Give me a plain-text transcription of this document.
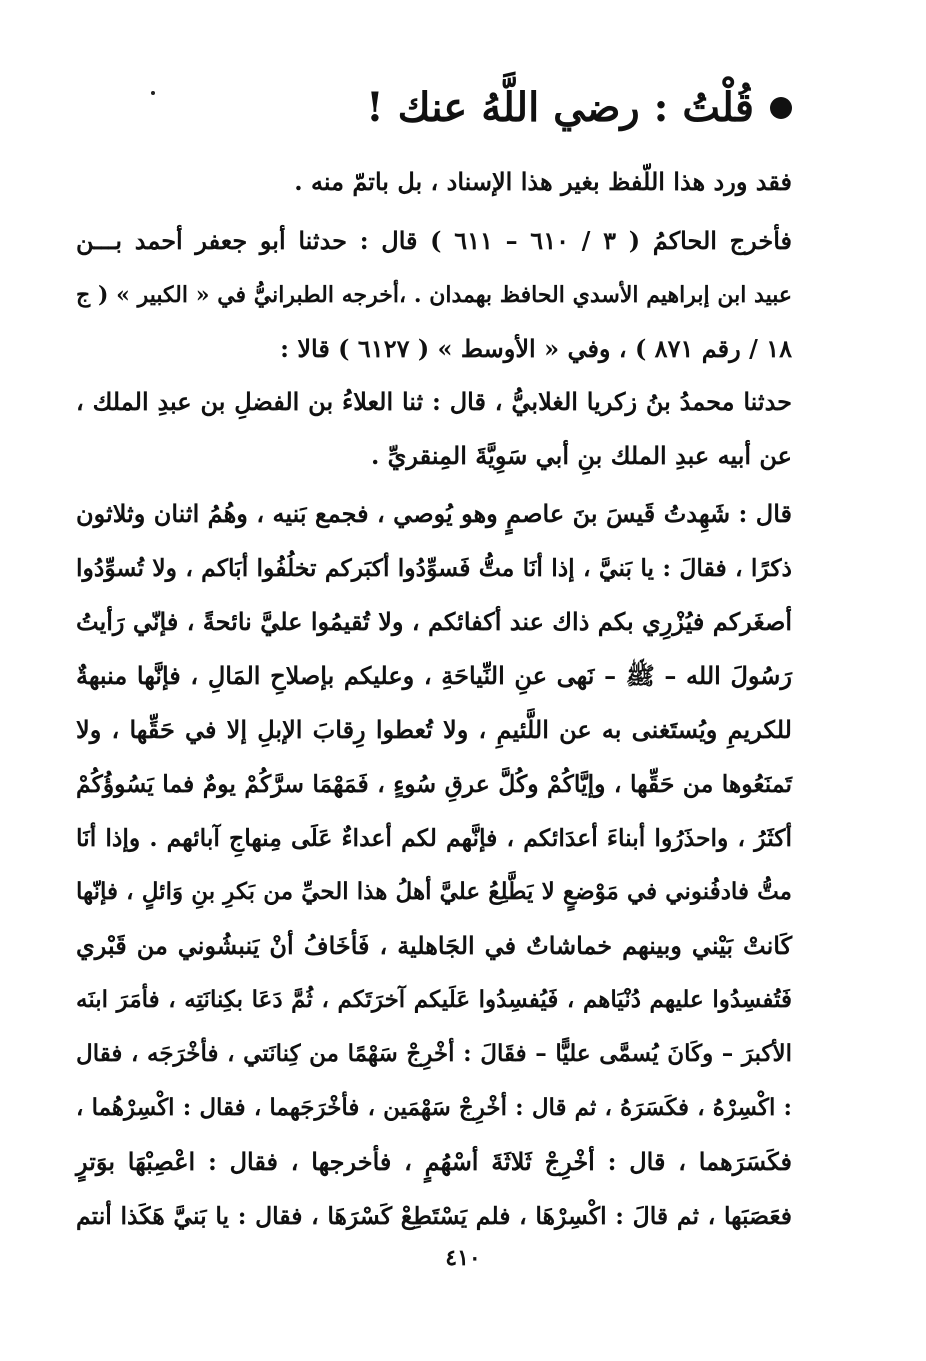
قُلْتُ : رضي اللَّهُ عنك !
فقد ورد هذا اللّفظ بغير هذا الإسناد ، بل باتمّ منه .
فأخرج الحاكمُ ( ٣ / ٦١٠ – ٦١١ ) قال : حدثنا أبو جعفر أحمد بـــن
عبيد ابن إبراهيم الأسدي الحافظ بهمدان . ،أخرجه الطبرانيُّ في « الكبير » ( ج
١٨ / رقم ٨٧١ ) ، وفي « الأوسط » ( ٦١٢٧ ) قالا :
حدثنا محمدُ بنُ زكريا الغلابيُّ ، قال : ثنا العلاءُ بن الفضلِ بن عبدِ الملك ،
عن أبيه عبدِ الملك بنِ أبي سَوِيَّةَ المِنقريِّ .
قال : شَهِدتُ قَيسَ بنَ عاصمٍ وهو يُوصي ، فجمع بَنيه ، وهُمُ اثنان وثلاثون
ذكرًا ، فقالَ : يا بَنيَّ ، إذا أنَا متُّ فَسوِّدُوا أكبَركم تخلُفُوا أبَاكم ، ولا تُسوِّدُوا
أصغَركم فيُزْرِي بكم ذاك عند أكفائكم ، ولا تُقيمُوا عليَّ نائحةً ، فإنّي رَأيتُ
رَسُولَ الله – ﷺ – نَهى عنِ النِّياحَةِ ، وعليكم بإصلاحِ المَالِ ، فإنَّها منبهةٌ
للكريمِ ويُستَغنى به عن اللَّئيمِ ، ولا تُعطوا رِقابَ الإبلِ إلا في حَقِّها ، ولا
تَمنَعُوها من حَقِّها ، وإيَّاكُمْ وكُلَّ عرقِ سُوءٍ ، فَمَهْمَا سرَّكُمْ يومٌ فما يَسُوؤُكُمْ
أكثَرُ ، واحذَرُوا أبناءَ أعدَائكم ، فإنَّهم لكم أعداءٌ عَلَى مِنهاجِ آبائهم . وإذا أنَا
متُّ فادفُنوني في مَوْضعٍ لا يَطَّلِعُ عليَّ أهلُ هذا الحيِّ من بَكرِ بنِ وَائلٍ ، فإنّها
كَانتْ بَيْني وبينهم خماشاتٌ في الجَاهلية ، فَأخَافُ أنْ يَنبشُوني من قَبْري
فَتُفسِدُوا عليهم دُنْيَاهم ، فَيُفسِدُوا عَلَيكم آخرَتَكم ، ثُمَّ دَعَا بكِنانَتِه ، فأمَرَ ابنَه
الأكبرَ – وكَانَ يُسمَّى عليًّا – فقَالَ : أخْرِجْ سَهْمًا من كِنانَتي ، فأخْرَجَه ، فقال
: اكْسِرْهُ ، فكَسَرَهُ ، ثم قال : أخْرِجْ سَهْمَين ، فأخْرَجَهما ، فقال : اكْسِرْهُما ،
فكَسَرَهما ، قال : أخْرِجْ ثَلاثَةَ أسْهُمٍ ، فأخرجها ، فقال : اعْصِبْهَا بوَترٍ
فعَصَبَها ، ثم قالَ : اكْسِرْهَا ، فلم يَسْتَطِعْ كَسْرَهَا ، فقال : يا بَنيَّ هَكَذا أنتم
٤١٠
